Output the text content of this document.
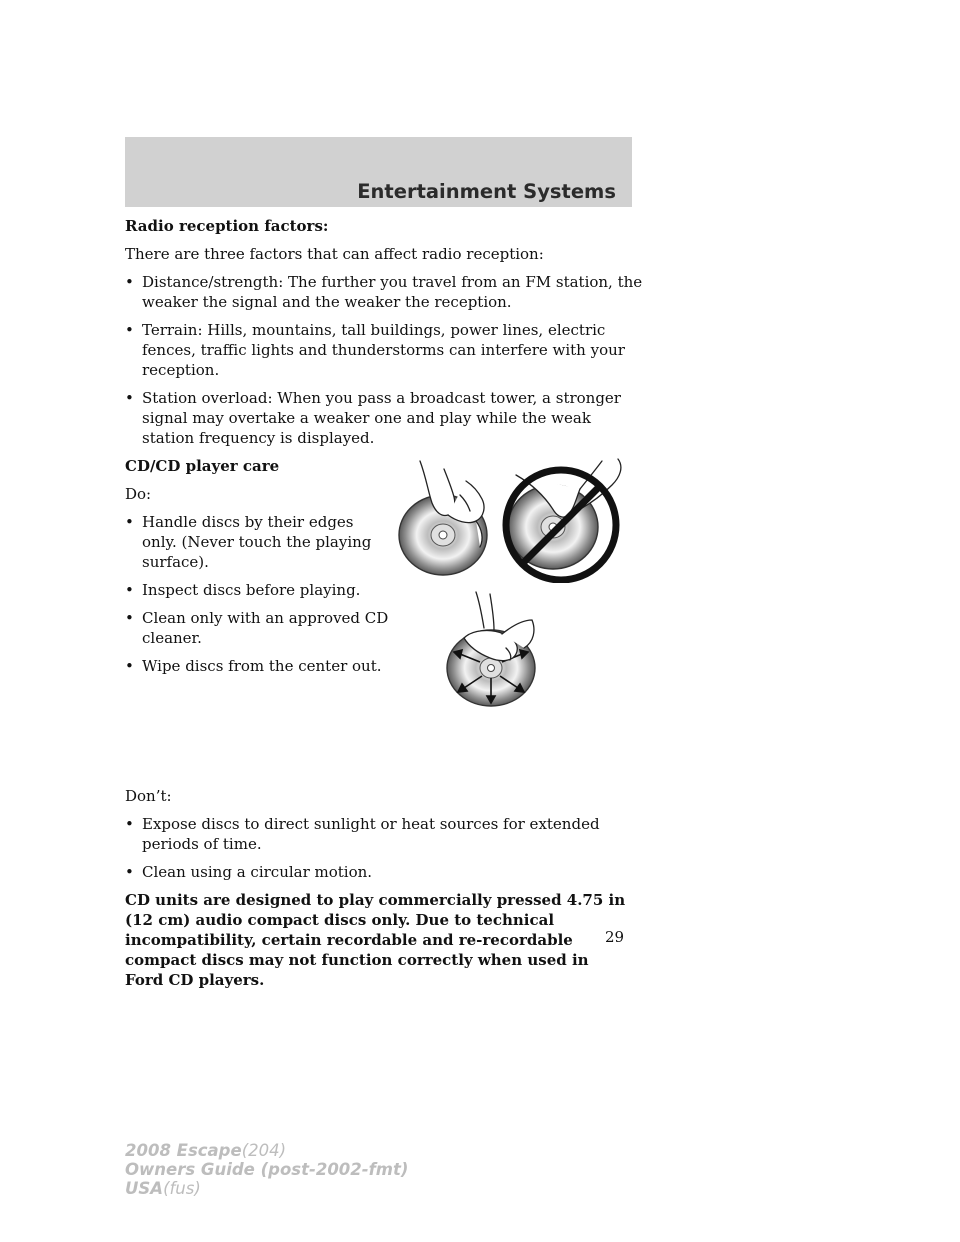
Entertainment Systems

Radio reception factors:

There are three factors that can affect radio reception:

• Distance/strength: The further you travel from an FM station, the weaker the signal and the weaker the reception.
• Terrain: Hills, mountains, tall buildings, power lines, electric fences, traffic lights and thunderstorms can interfere with your reception.
• Station overload: When you pass a broadcast tower, a stronger signal may overtake a weaker one and play while the weak station frequency is displayed.

CD/CD player care

Do:

• Handle discs by their edges only. (Never touch the playing surface).
• Inspect discs before playing.
• Clean only with an approved CD cleaner.
• Wipe discs from the center out.

Don’t:

• Expose discs to direct sunlight or heat sources for extended periods of time.
• Clean using a circular motion.

CD units are designed to play commercially pressed 4.75 in (12 cm) audio compact discs only. Due to technical incompatibility, certain recordable and re-recordable compact discs may not function correctly when used in Ford CD players.

29
2008 Escape(204)
Owners Guide (post-2002-fmt)
USA(fus)
